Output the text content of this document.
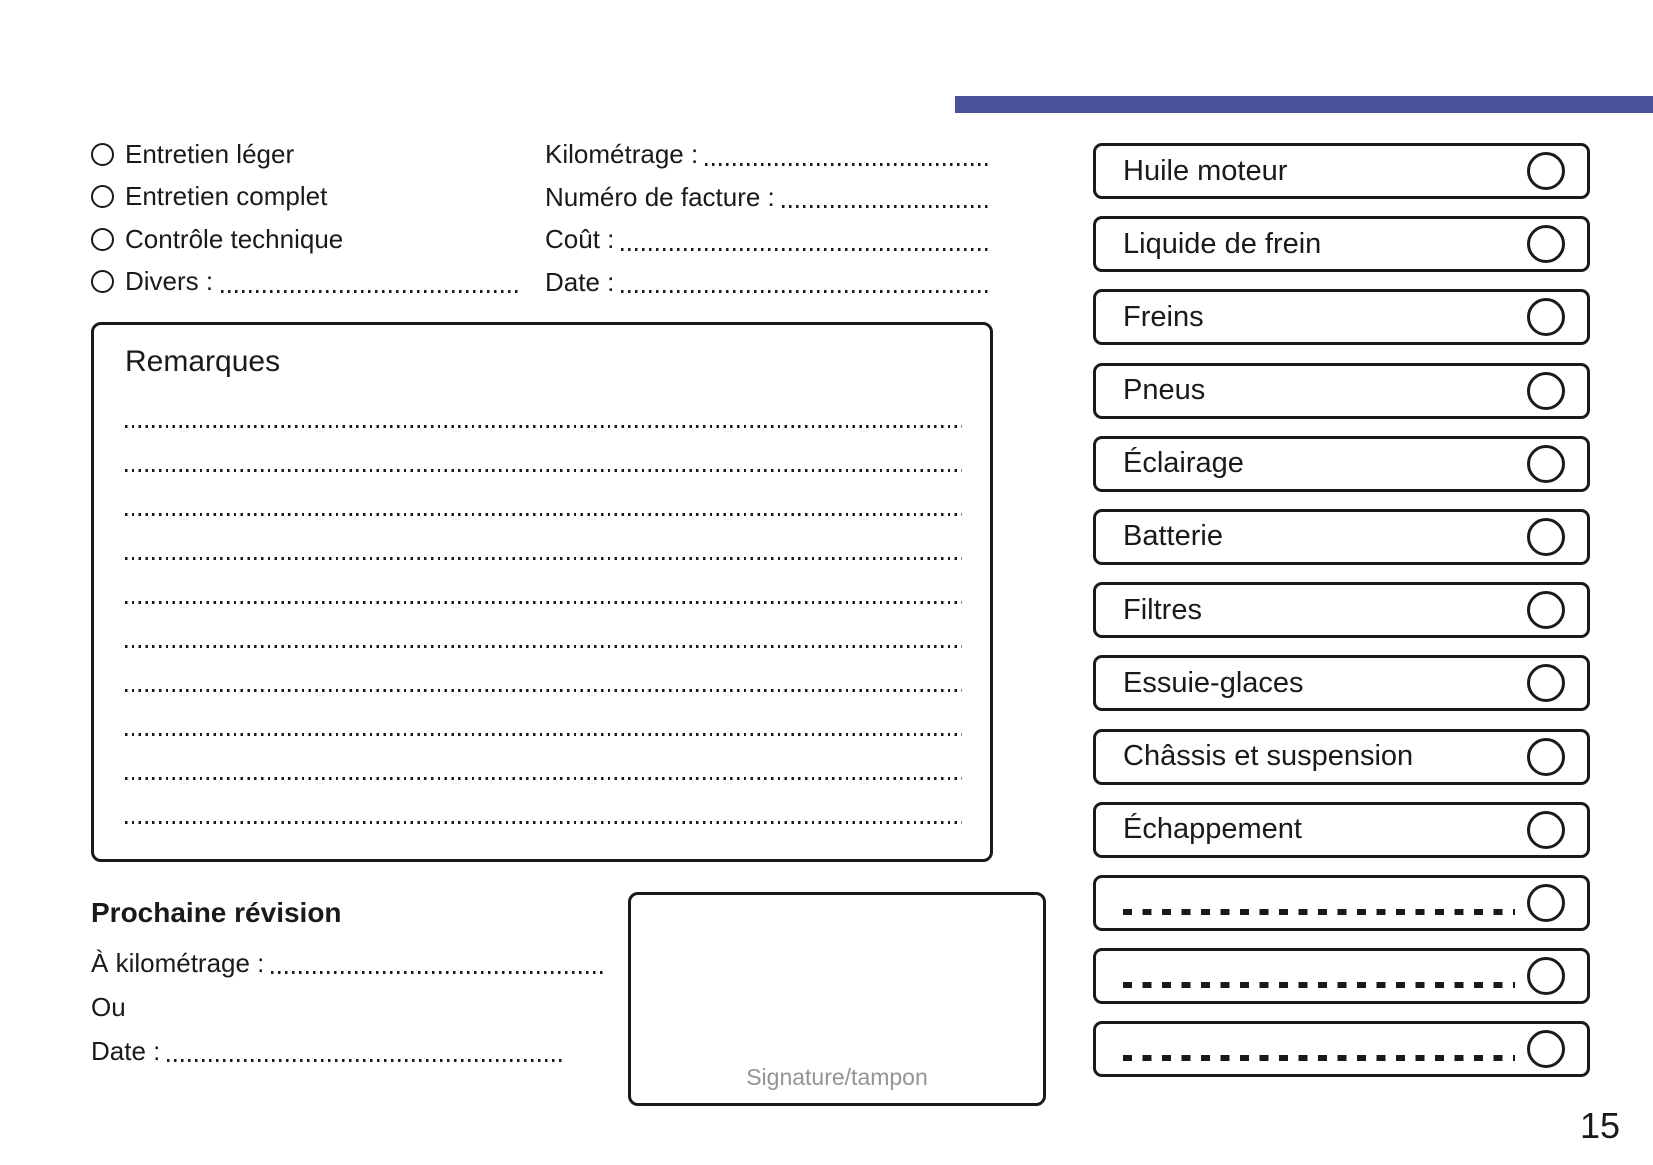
Entretien léger
Entretien complet
Contrôle technique
Divers :
Kilométrage :
Numéro de facture :
Coût :
Date :
Remarques
Prochaine révision
À kilométrage :
Ou
Date :
Signature/tampon
Huile moteur
Liquide de frein
Freins
Pneus
Éclairage
Batterie
Filtres
Essuie-glaces
Châssis et suspension
Échappement
15
